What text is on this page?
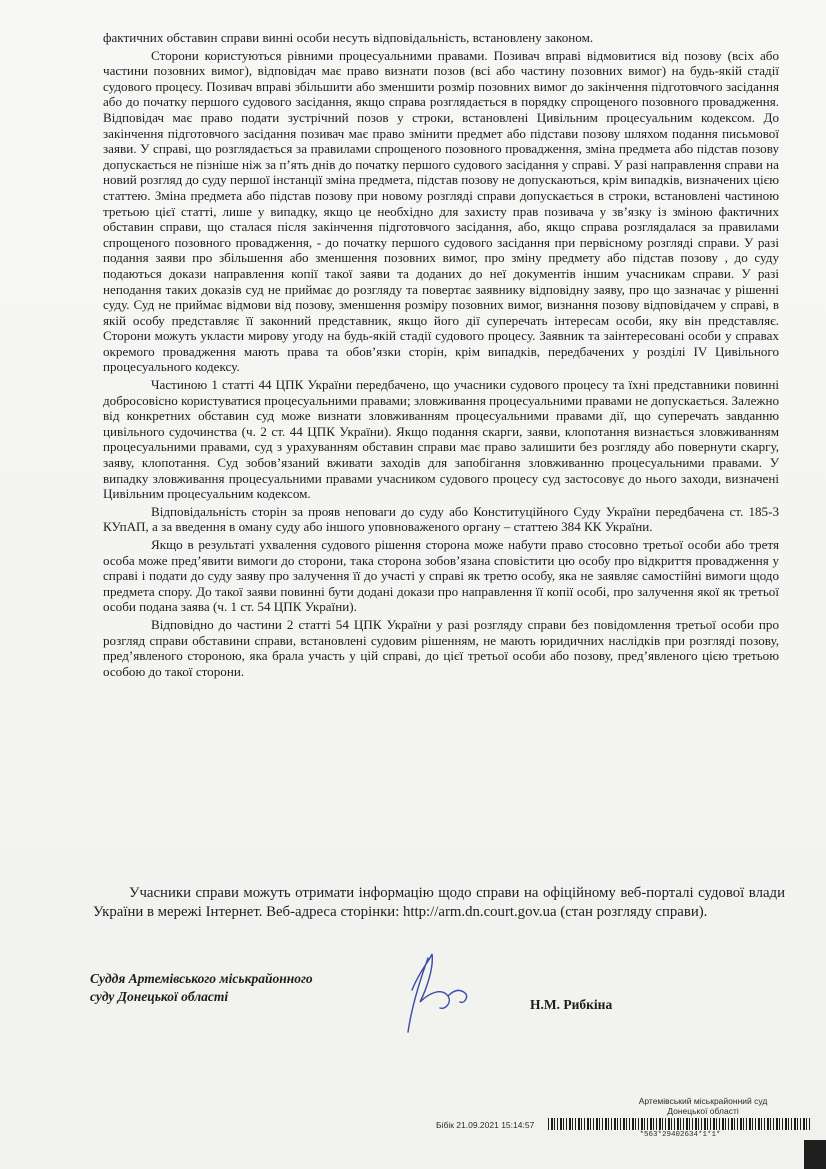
фактичних обставин справи винні особи несуть відповідальність, встановлену законом.

Сторони користуються рівними процесуальними правами. Позивач вправі відмовитися від позову (всіх або частини позовних вимог), відповідач має право визнати позов (всі або частину позовних вимог) на будь-якій стадії судового процесу. Позивач вправі збільшити або зменшити розмір позовних вимог до закінчення підготовчого засідання або до початку першого судового засідання, якщо справа розглядається в порядку спрощеного позовного провадження. Відповідач має право подати зустрічний позов у строки, встановлені Цивільним процесуальним кодексом. До закінчення підготовчого засідання позивач має право змінити предмет або підстави позову шляхом подання письмової заяви. У справі, що розглядається за правилами спрощеного позовного провадження, зміна предмета або підстав позову допускається не пізніше ніж за п’ять днів до початку першого судового засідання у справі. У разі направлення справи на новий розгляд до суду першої інстанції зміна предмета, підстав позову не допускаються, крім випадків, визначених цією статтею. Зміна предмета або підстав позову при новому розгляді справи допускається в строки, встановлені частиною третьою цієї статті, лише у випадку, якщо це необхідно для захисту прав позивача у зв’язку із зміною фактичних обставин справи, що сталася після закінчення підготовчого засідання, або, якщо справа розглядалася за правилами спрощеного позовного провадження, - до початку першого судового засідання при первісному розгляді справи. У разі подання заяви про збільшення або зменшення позовних вимог, про зміну предмету або підстав позову , до суду подаються докази направлення копії такої заяви та доданих до неї документів іншим учасникам справи. У разі неподання таких доказів суд не приймає до розгляду та повертає заявнику відповідну заяву, про що зазначає у рішенні суду. Суд не приймає відмови від позову, зменшення розміру позовних вимог, визнання позову відповідачем у справі, в якій особу представляє її законний представник, якщо його дії суперечать інтересам особи, яку він представляє. Сторони можуть укласти мирову угоду на будь-якій стадії судового процесу. Заявник та заінтересовані особи у справах окремого провадження мають права та обов’язки сторін, крім випадків, передбачених у розділі IV Цивільного процесуального кодексу.

Частиною 1 статті 44 ЦПК України передбачено, що учасники судового процесу та їхні представники повинні добросовісно користуватися процесуальними правами; зловживання процесуальними правами не допускається. Залежно від конкретних обставин суд може визнати зловживанням процесуальними правами дії, що суперечать завданню цивільного судочинства (ч. 2 ст. 44 ЦПК України). Якщо подання скарги, заяви, клопотання визнається зловживанням процесуальними правами, суд з урахуванням обставин справи має право залишити без розгляду або повернути скаргу, заяву, клопотання. Суд зобов’язаний вживати заходів для запобігання зловживанню процесуальними правами. У випадку зловживання процесуальними правами учасником судового процесу суд застосовує до нього заходи, визначені Цивільним процесуальним кодексом.

Відповідальність сторін за прояв неповаги до суду або Конституційного Суду України передбачена ст. 185-3 КУпАП, а за введення в оману суду або іншого уповноваженого органу – статтею 384 КК України.

Якщо в результаті ухвалення судового рішення сторона може набути право стосовно третьої особи або третя особа може пред’явити вимоги до сторони, така сторона зобов’язана сповістити цю особу про відкриття провадження у справі і подати до суду заяву про залучення її до участі у справі як третю особу, яка не заявляє самостійні вимоги щодо предмета спору. До такої заяви повинні бути додані докази про направлення її копії особі, про залучення якої як третьої особи подана заява (ч. 1 ст. 54 ЦПК України).

Відповідно до частини 2 статті 54 ЦПК України у разі розгляду справи без повідомлення третьої особи про розгляд справи обставини справи, встановлені судовим рішенням, не мають юридичних наслідків при розгляді позову, пред’явленого стороною, яка брала участь у цій справі, до цієї третьої особи або позову, пред’явленого цією третьою особою до такої сторони.

Учасники справи можуть отримати інформацію щодо справи на офіційному веб-порталі судової влади України в мережі Інтернет. Веб-адреса сторінки: http://arm.dn.court.gov.ua (стан розгляду справи).
Суддя Артемівського міськрайонного
суду Донецької області
Н.М. Рибкіна
Артемівський міськрайонний суд
Донецької області
Бібік 21.09.2021 15:14:57
*563*29402634*1*1*
